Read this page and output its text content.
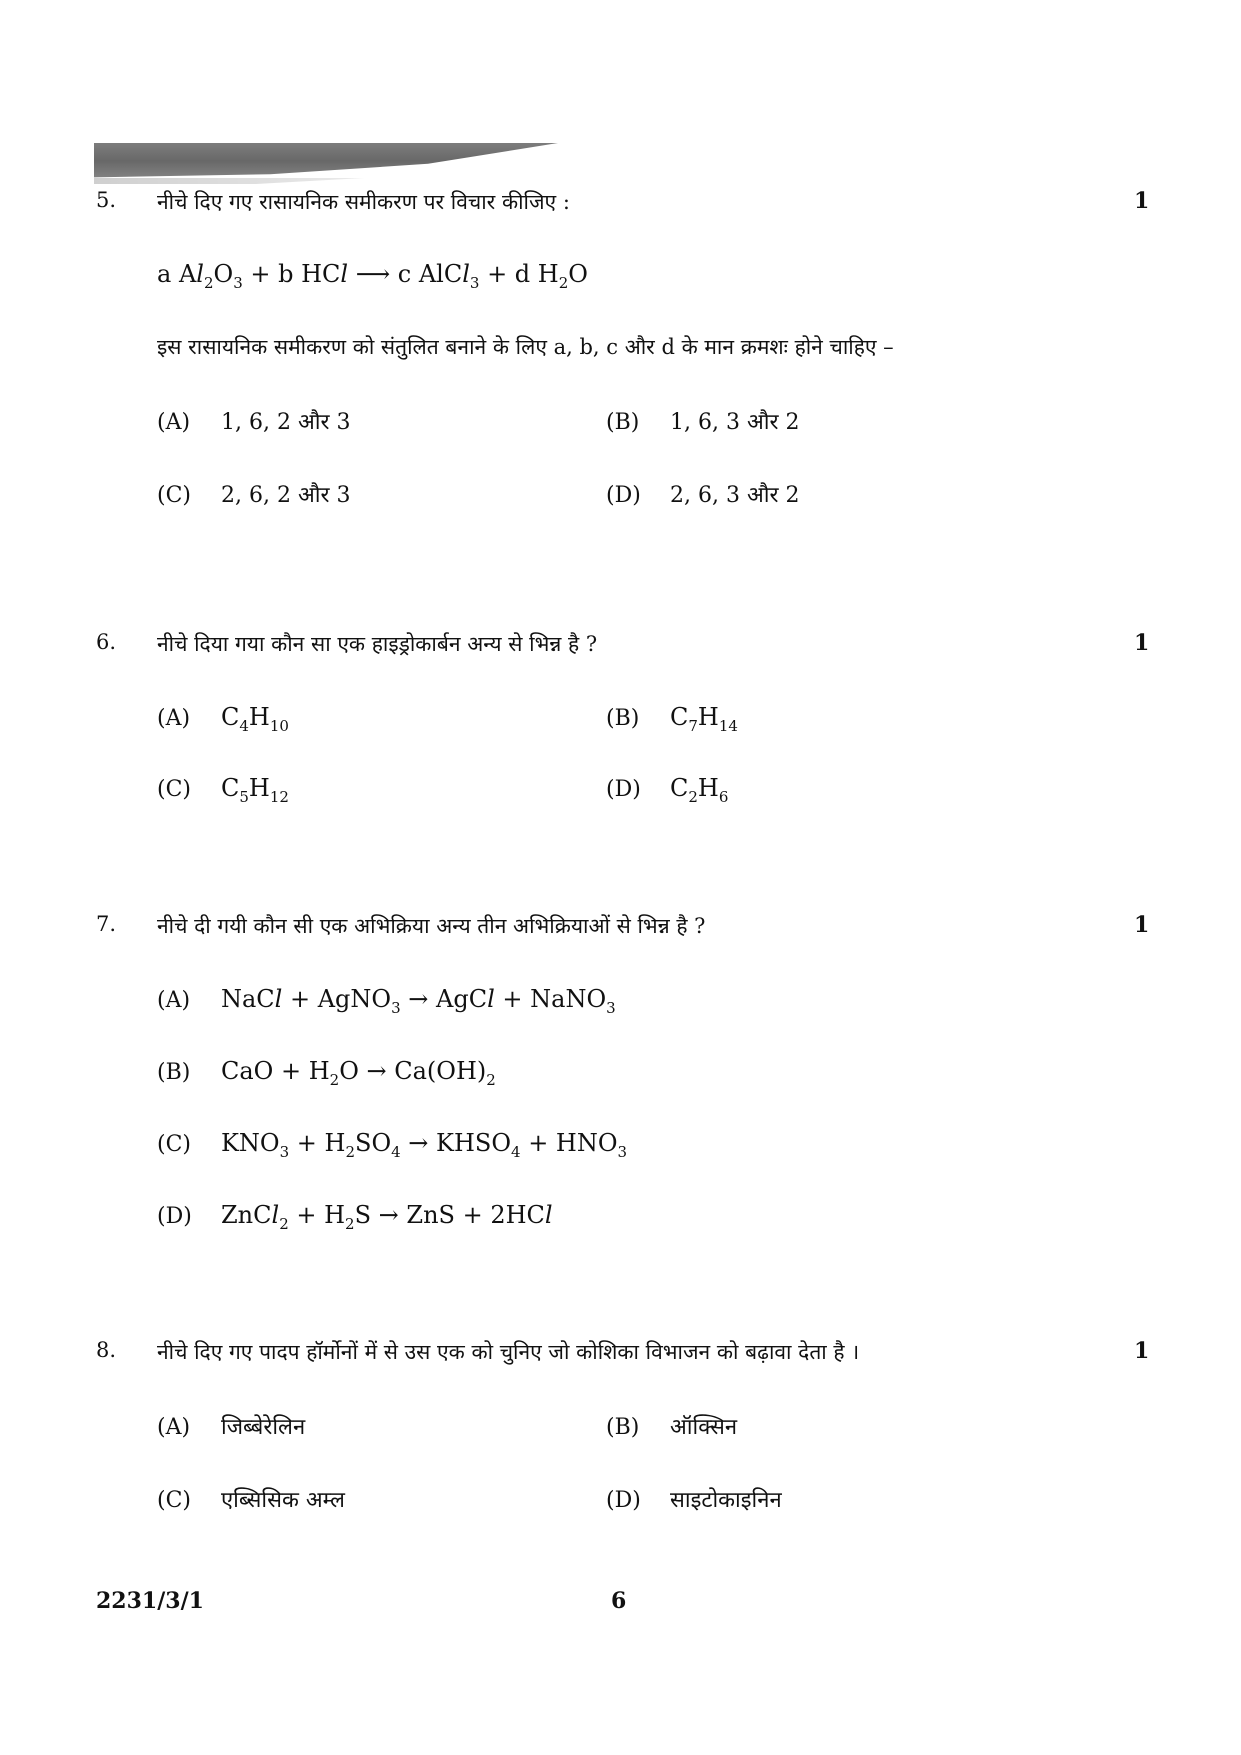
5. नीचे दिए गए रासायनिक समीकरण पर विचार कीजिए :	1
a $Al_2O_3 + b$ HCl ⟶ c AlCl$_3$ + d $H_2O$
इस रासायनिक समीकरण को संतुलित बनाने के लिए a, b, c और d के मान क्रमशः होने चाहिए –
(A) 1, 6, 2 और 3	(B) 1, 6, 3 और 2
(C) 2, 6, 2 और 3	(D) 2, 6, 3 और 2
6. नीचे दिया गया कौन सा एक हाइड्रोकार्बन अन्य से भिन्न है ?	1
(A) $C_4H_{10}$	(B) $C_7H_{14}$
(C) $C_5H_{12}$	(D) $C_2H_6$
7. नीचे दी गयी कौन सी एक अभिक्रिया अन्य तीन अभिक्रियाओं से भिन्न है ?	1
(A) NaCl + AgNO$_3$ → AgCl + NaNO$_3$
(B) CaO + $H_2O \to Ca(OH)_2$
(C) $KNO_3 + H_2SO_4$ → $KHSO_4 + HNO_3$
(D) ZnCl$_2$ + $H_2S$ → ZnS + 2HCl
8. नीचे दिए गए पादप हॉर्मोनों में से उस एक को चुनिए जो कोशिका विभाजन को बढ़ावा देता है ।	1
(A) जिब्बेरेलिन	(B) ऑक्सिन
(C) एब्सिसिक अम्ल	(D) साइटोकाइनिन
2231/3/1	6
